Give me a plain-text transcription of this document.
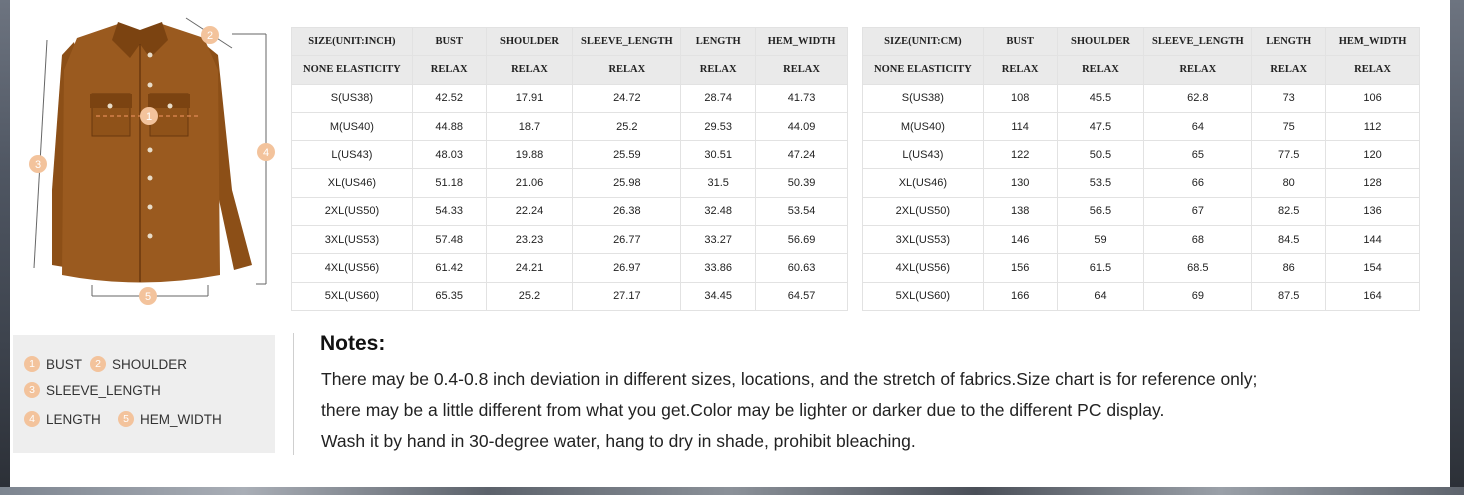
1
2
3
4
5
SIZE(UNIT:INCH)	BUST	SHOULDER	SLEEVE_LENGTH	LENGTH	HEM_WIDTH
NONE ELASTICITY	RELAX	RELAX	RELAX	RELAX	RELAX
S(US38)	42.52	17.91	24.72	28.74	41.73
M(US40)	44.88	18.7	25.2	29.53	44.09
L(US43)	48.03	19.88	25.59	30.51	47.24
XL(US46)	51.18	21.06	25.98	31.5	50.39
2XL(US50)	54.33	22.24	26.38	32.48	53.54
3XL(US53)	57.48	23.23	26.77	33.27	56.69
4XL(US56)	61.42	24.21	26.97	33.86	60.63
5XL(US60)	65.35	25.2	27.17	34.45	64.57
SIZE(UNIT:CM)	BUST	SHOULDER	SLEEVE_LENGTH	LENGTH	HEM_WIDTH
NONE ELASTICITY	RELAX	RELAX	RELAX	RELAX	RELAX
S(US38)	108	45.5	62.8	73	106
M(US40)	114	47.5	64	75	112
L(US43)	122	50.5	65	77.5	120
XL(US46)	130	53.5	66	80	128
2XL(US50)	138	56.5	67	82.5	136
3XL(US53)	146	59	68	84.5	144
4XL(US56)	156	61.5	68.5	86	154
5XL(US60)	166	64	69	87.5	164
1 BUST	2 SHOULDER
3 SLEEVE_LENGTH
4 LENGTH	5 HEM_WIDTH
Notes:
There may be 0.4-0.8 inch deviation in different sizes, locations, and the stretch of fabrics.Size chart is for reference only;
there may be a little different from what you get.Color may be lighter or darker due to the different PC display.
Wash it by hand in 30-degree water, hang to dry in shade, prohibit bleaching.
